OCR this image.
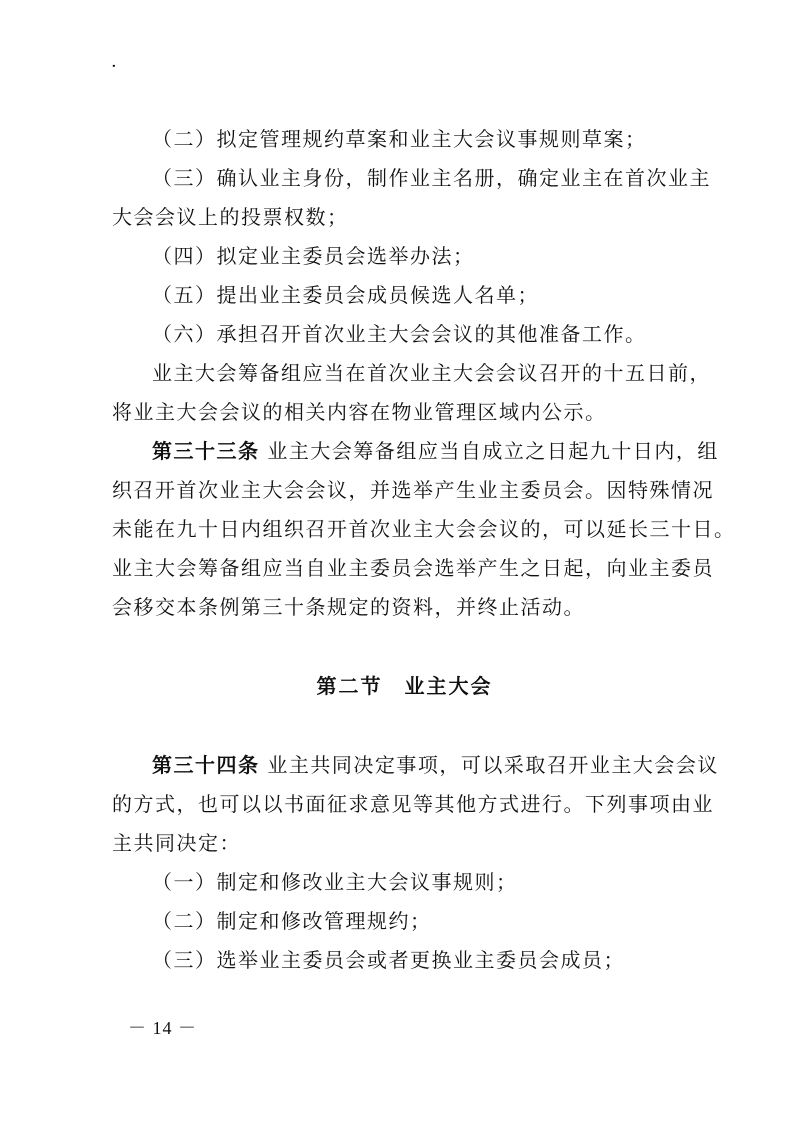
·
（二）拟定管理规约草案和业主大会议事规则草案；
（三）确认业主身份，制作业主名册，确定业主在首次业主
大会会议上的投票权数；
（四）拟定业主委员会选举办法；
（五）提出业主委员会成员候选人名单；
（六）承担召开首次业主大会会议的其他准备工作。
业主大会筹备组应当在首次业主大会会议召开的十五日前，
将业主大会会议的相关内容在物业管理区域内公示。
第三十三条 业主大会筹备组应当自成立之日起九十日内，组
织召开首次业主大会会议，并选举产生业主委员会。因特殊情况
未能在九十日内组织召开首次业主大会会议的，可以延长三十日。
业主大会筹备组应当自业主委员会选举产生之日起，向业主委员
会移交本条例第三十条规定的资料，并终止活动。
第二节　业主大会
第三十四条 业主共同决定事项，可以采取召开业主大会会议
的方式，也可以以书面征求意见等其他方式进行。下列事项由业
主共同决定：
（一）制定和修改业主大会议事规则；
（二）制定和修改管理规约；
（三）选举业主委员会或者更换业主委员会成员；
－ 14 －
